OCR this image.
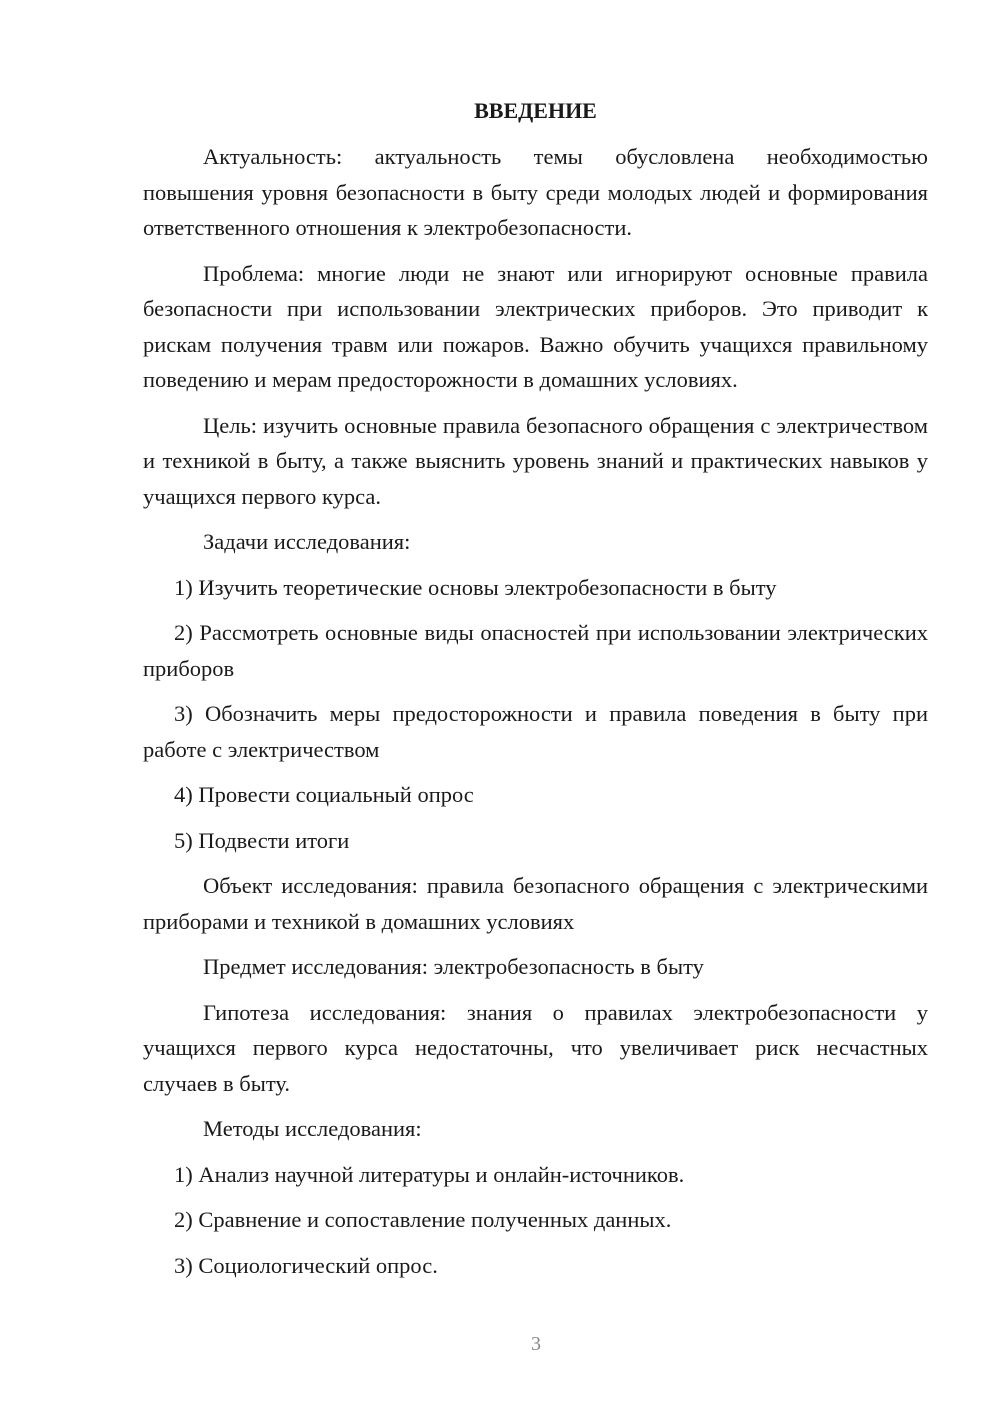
ВВЕДЕНИЕ

Актуальность: актуальность темы обусловлена необходимостью повышения уровня безопасности в быту среди молодых людей и формирования ответственного отношения к электробезопасности.

Проблема: многие люди не знают или игнорируют основные правила безопасности при использовании электрических приборов. Это приводит к рискам получения травм или пожаров. Важно обучить учащихся правильному поведению и мерам предосторожности в домашних условиях.

Цель: изучить основные правила безопасного обращения с электричеством и техникой в быту, а также выяснить уровень знаний и практических навыков у учащихся первого курса.

Задачи исследования:

1) Изучить теоретические основы электробезопасности в быту

2) Рассмотреть основные виды опасностей при использовании электрических приборов

3) Обозначить меры предосторожности и правила поведения в быту при работе с электричеством

4) Провести социальный опрос

5) Подвести итоги

Объект исследования: правила безопасного обращения с электрическими приборами и техникой в домашних условиях

Предмет исследования: электробезопасность в быту

Гипотеза исследования: знания о правилах электробезопасности у учащихся первого курса недостаточны, что увеличивает риск несчастных случаев в быту.

Методы исследования:

1) Анализ научной литературы и онлайн-источников.

2) Сравнение и сопоставление полученных данных.

3) Социологический опрос.

3
